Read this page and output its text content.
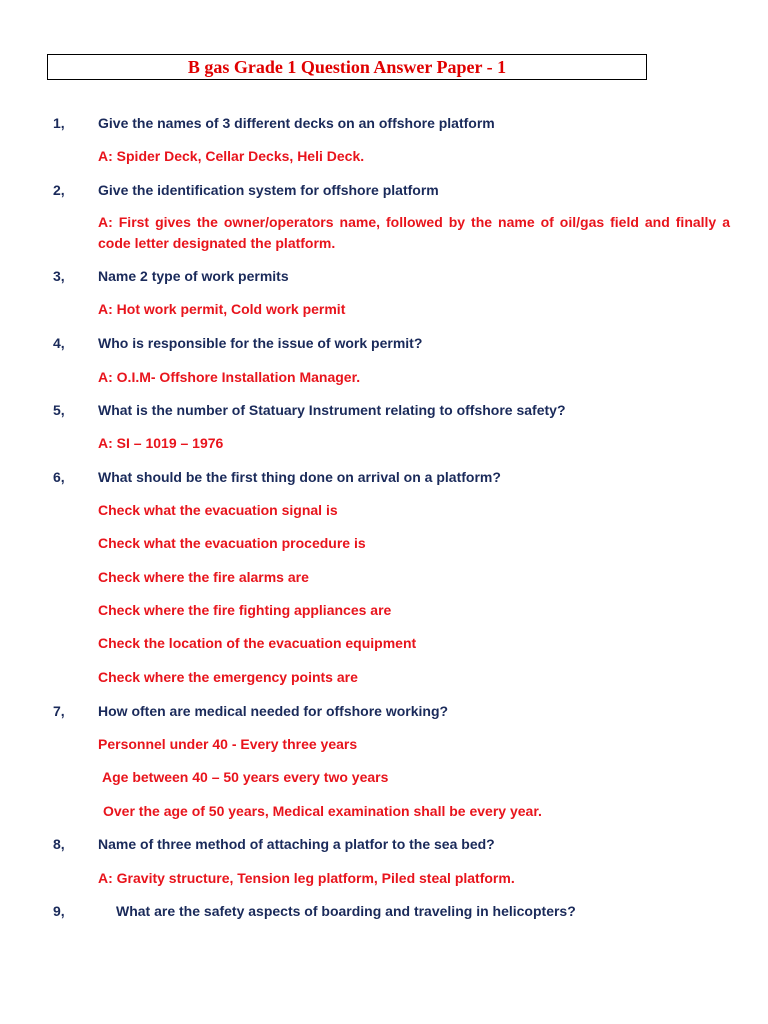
B gas Grade 1 Question Answer Paper - 1
1, Give the names of 3 different decks on an offshore platform
A: Spider Deck, Cellar Decks, Heli Deck.
2, Give the identification system for offshore platform
A: First gives the owner/operators name, followed by the name of oil/gas field and finally a code letter designated the platform.
3, Name 2 type of work permits
A: Hot work permit, Cold work permit
4, Who is responsible for the issue of work permit?
A: O.I.M- Offshore Installation Manager.
5, What is the number of Statuary Instrument relating to offshore safety?
A: SI – 1019 – 1976
6, What should be the first thing done on arrival on a platform?
Check what the evacuation signal is
Check what the evacuation procedure is
Check where the fire alarms are
Check where the fire fighting appliances are
Check the location of the evacuation equipment
Check where the emergency points are
7, How often are medical needed for offshore working?
Personnel under 40 - Every three years
Age between 40 – 50 years every two years
Over the age of 50 years, Medical examination shall be every year.
8, Name of three method of attaching a platfor to the sea bed?
A: Gravity structure, Tension leg platform, Piled steal platform.
9,	What are the safety aspects of boarding and traveling in helicopters?
